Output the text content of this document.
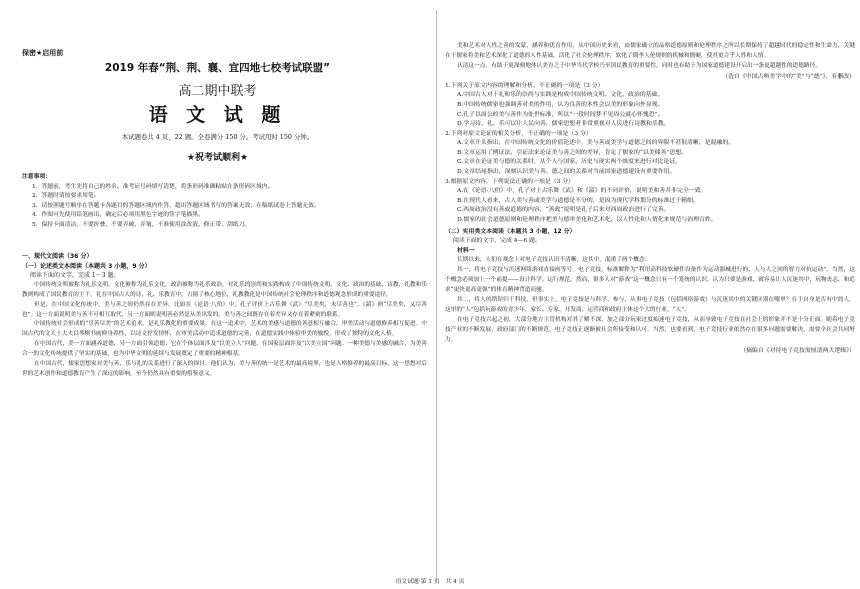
保密★启用前
2019 年春“荆、荆、襄、宜四地七校考试联盟”
高二期中联考
语 文 试 题
本试题卷共 4 页，22 题。全卷满分 150 分。考试用时 150 分钟。
★祝考试顺利★
注意事项：
1．答题前，考生先将自己的姓名、准考证号码填写清楚，将条形码准确粘贴在条形码区域内。
2．答题时请按要求用笔。
3．请按照题号顺序在答题卡各题目的答题区域内作答，超出答题区域书写的答案无效；在稿纸试卷上答题无效。
4．作图可先使用铅笔画出，确定后必须用黑色字迹的签字笔描黑。
5．保持卡面清洁，不要折叠、不要弄破、弄皱，不准使用涂改液、修正带、刮纸刀。
一、现代文阅读（36 分）
（一）论述类文本阅读（本题共 3 小题，9 分）
阅读下面的文字，完成 1～3 题。

中国传统文明被称为礼乐文明，文化被称为礼乐文化，政治被称为礼乐政治。对礼乐的崇尚和实践构成了中国传统文明、文化、政治的基础，诗教、礼教和乐教则构成了国民教育的主干。礼在中国古人的诗、礼、乐教育中，占据了核心地位，礼教教化是中国传统社会伦理秩序和道德观念形成的重要途径。

但是，在中国文化传统中，美与善之间仍然存在差异。比如在《论语·八佾》中，孔子评价上古乐舞《武》“尽美矣，未尽善也”，《韶》则“尽美矣，又尽善也”。这一方面说明美与善不可相互取代，另一方面则说明善必然是从美出发的，美与善之间既存在着差异又存在着紧密的联系。

中国传统社会形成的“尽善尽美”的艺术追求，是礼乐教化的重要成果。在这一追求中，艺术的美感与道德的善意相互融合，审美活动与道德修养相互促进。中国古代的文人士大夫以琴棋书画修身养性，以诗文抒发情怀，在审美活动中追求道德的完善，在道德实践中体验审美的愉悦，形成了独特的文化人格。

在中国古代，美一方面涵养道德，另一方面引领道德；它在个体层面涉及“以美立人”问题，在国家层面涉及“以美立国”问题。一种美德与美感的融合，为美善合一的文化传统提供了坚实的基础，也为中华文明的延续与发展奠定了重要的精神根基。

在中国古代，儒家思想家对美与善、乐与礼的关系进行了深入的探讨。他们认为，美与善的统一是艺术的最高境界，也是人格修养的最高目标。这一思想对后世的艺术创作和道德教育产生了深远的影响，至今仍然具有重要的借鉴意义。

美和艺术对人性之善的发蒙、涵养和优育作用，从中国历史来看，由儒家确立的品格道德原则和伦理秩序之所以长期保持了超越时代的稳定性和生命力，关键在于儒家将美和艺术深化了道德的人性基础，活化了社会伦理秩序，软化了僵李人伦规则的机械和僵硬，使其更合乎人性和人情。

认清这一点，有助于更深刻地体认美育之于中华当代学校乃至国民教育的重要性，同时也有助于为国家道德建设开启出一条更超越性的道德路径。

（选自《中国古典美学中的“美”与“德”》，有删改）
1.下列关于原文内容的理解和分析，不正确的一项是（3 分）
A.中国古人对于礼和乐的崇尚与实践是构成中国传统文明、文化、政治的基础。
B.中国传统儒家也强调善对美的作用，认为良善的本性会以美的形象向外显现。
C.孔子以周公的美与善作为处世标准，所以“一段时间梦不见周公就心怀愧恐”。
D.学习诗、礼、乐可以让人民向善，儒家思想者非常重视对人民进行诗教和乐教。
2.下列对原文论证的相关分析，不正确的一项是（3 分）
A.文章开头指出，在中国传统文化的价值论述中，美与善或美学与道德之间的界限不甚很清晰，是混融的。
B.文章运用了例证法、引证法来论证美与善之间的差异，肯定了儒家的“以美储善”思想。
C.文章在论证美与德的关系时，从个人与国家、历史与现实两个维度来进行对比论证。
D.文章结尾指出，深刻认识美与善、德之间的关系对当前国家道德建设有重要作用。
3.根据原文内容，下列说法正确的一项是（3 分）
A.在《论语·八佾》中，孔子对上古乐舞《武》和《韶》的不同评价，说明美和善并非完全一致。
B.在现代人看来，古人美与善或美学与道德是不分的，是因为现代学科划分的标准过于精细。
C.西周政治没有善或道德的内容，“善政”说明是孔子后来对西周政治进行了完善。
D.儒家的社会道德原则和伦理秩序把美与德审美化和艺术化，以人性化和人情化来规范与治理百姓。
（二）实用类文本阅读（本题共 3 小题，12 分）
阅读下面的文字，完成 4—6 题。
材料一

长期以来，人们在观念上对电子竞技认识不清晰，这其中，混淆了两个概念：

其一，将电子竞技与沉迷网络游戏直接画等号。电子竞技，标准解释为“利用高科技软硬件设备作为运动器械进行的、人与人之间的智力对抗运动”。当然，这个概念必须加上一个前提——设计科学、运行规范。然而，很多人对“游戏”这一概念只有一个笼统的认识，认为只要是游戏，就容易让人沉迷其中，玩物丧志，和追求“更快更高更强”的体育精神背道而驰。

其二，将人的错误归于科技，但事实上，电子竞技是与科学、参与、从事电子竞技（包括网络游戏）与沉迷其中的关键区别在哪里？在于自身是否有中的人。这里的“人”包括玩游戏的青少年、家长、专家、开发商、运营商和政府主体这个大的行业，“人”。

在电子竞技兴起之初，大部分地方主管机构对其了解不深，加之部分玩家过度痴迷电子竞技，从而导致电子竞技在社会上的形象并不是十分正面。随着电子竞技产业的不断发展，政府部门的不断规范，电子竞技正逐渐被社会所接受和认可。当然，也要看到，电子竞技行业依然存在很多问题需要解决，需要全社会共同努力。

（摘编自《对待电子竞技需厘清两大逻辑》）
语文试题·第 1 页　共 4 页
